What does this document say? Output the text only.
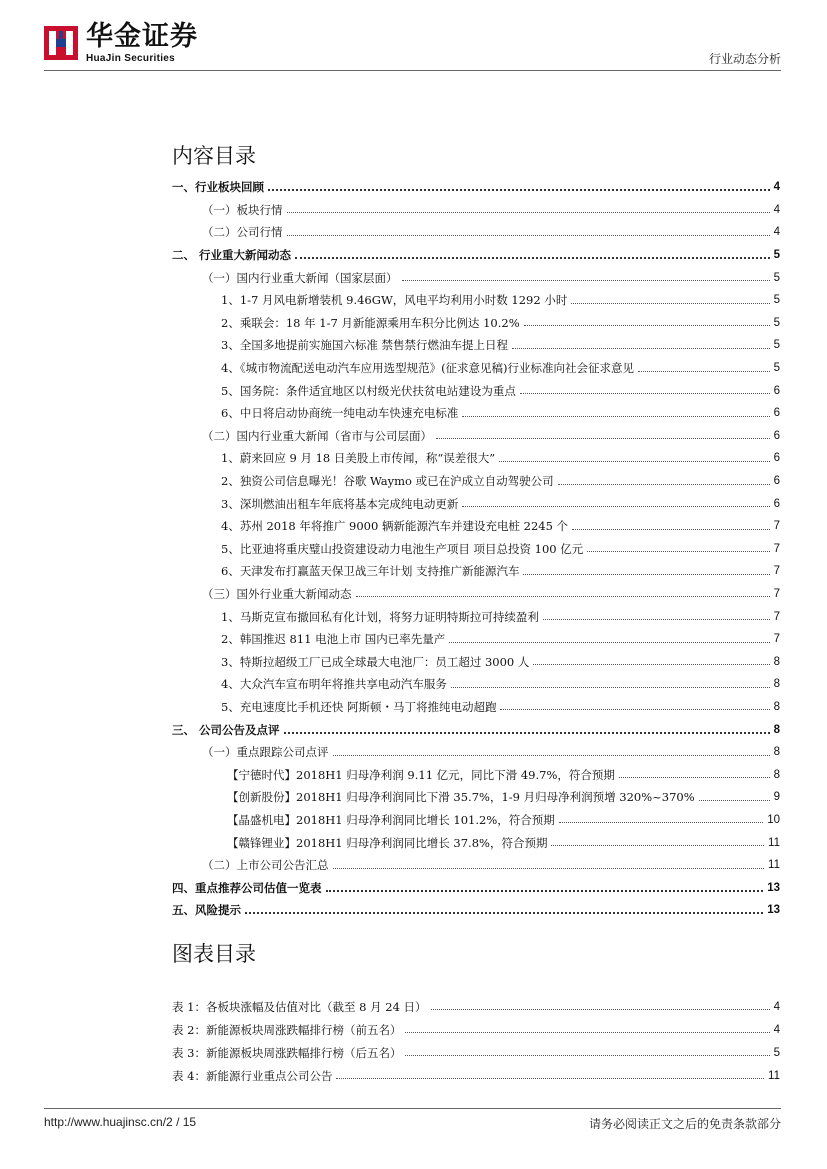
华金证券
HuaJin Securities	行业动态分析
内容目录
一、行业板块回顾	4
（一）板块行情	4
（二）公司行情	4
二、 行业重大新闻动态	5
（一）国内行业重大新闻（国家层面）	5
1、1-7 月风电新增装机 9.46GW，风电平均利用小时数 1292 小时	5
2、乘联会：18 年 1-7 月新能源乘用车积分比例达 10.2%	5
3、全国多地提前实施国六标准 禁售禁行燃油车提上日程	5
4、《城市物流配送电动汽车应用选型规范》(征求意见稿)行业标准向社会征求意见	5
5、国务院：条件适宜地区以村级光伏扶贫电站建设为重点	6
6、中日将启动协商统一纯电动车快速充电标准	6
（二）国内行业重大新闻（省市与公司层面）	6
1、蔚来回应 9 月 18 日美股上市传闻，称“误差很大”	6
2、独资公司信息曝光！谷歌 Waymo 或已在沪成立自动驾驶公司	6
3、深圳燃油出租车年底将基本完成纯电动更新	6
4、苏州 2018 年将推广 9000 辆新能源汽车并建设充电桩 2245 个	7
5、比亚迪将重庆璧山投资建设动力电池生产项目 项目总投资 100 亿元	7
6、天津发布打赢蓝天保卫战三年计划 支持推广新能源汽车	7
（三）国外行业重大新闻动态	7
1、马斯克宣布撤回私有化计划，将努力证明特斯拉可持续盈利	7
2、韩国推迟 811 电池上市 国内已率先量产	7
3、特斯拉超级工厂已成全球最大电池厂：员工超过 3000 人	8
4、大众汽车宣布明年将推共享电动汽车服务	8
5、充电速度比手机还快 阿斯顿・马丁将推纯电动超跑	8
三、 公司公告及点评	8
（一）重点跟踪公司点评	8
【宁德时代】2018H1 归母净利润 9.11 亿元，同比下滑 49.7%，符合预期	8
【创新股份】2018H1 归母净利润同比下滑 35.7%，1-9 月归母净利润预增 320%~370%	9
【晶盛机电】2018H1 归母净利润同比增长 101.2%，符合预期	10
【赣锋锂业】2018H1 归母净利润同比增长 37.8%，符合预期	11
（二）上市公司公告汇总	11
四、重点推荐公司估值一览表	13
五、风险提示	13
图表目录
表 1：各板块涨幅及估值对比（截至 8 月 24 日）	4
表 2：新能源板块周涨跌幅排行榜（前五名）	4
表 3：新能源板块周涨跌幅排行榜（后五名）	5
表 4：新能源行业重点公司公告	11
http://www.huajinsc.cn/2 / 15	请务必阅读正文之后的免责条款部分
